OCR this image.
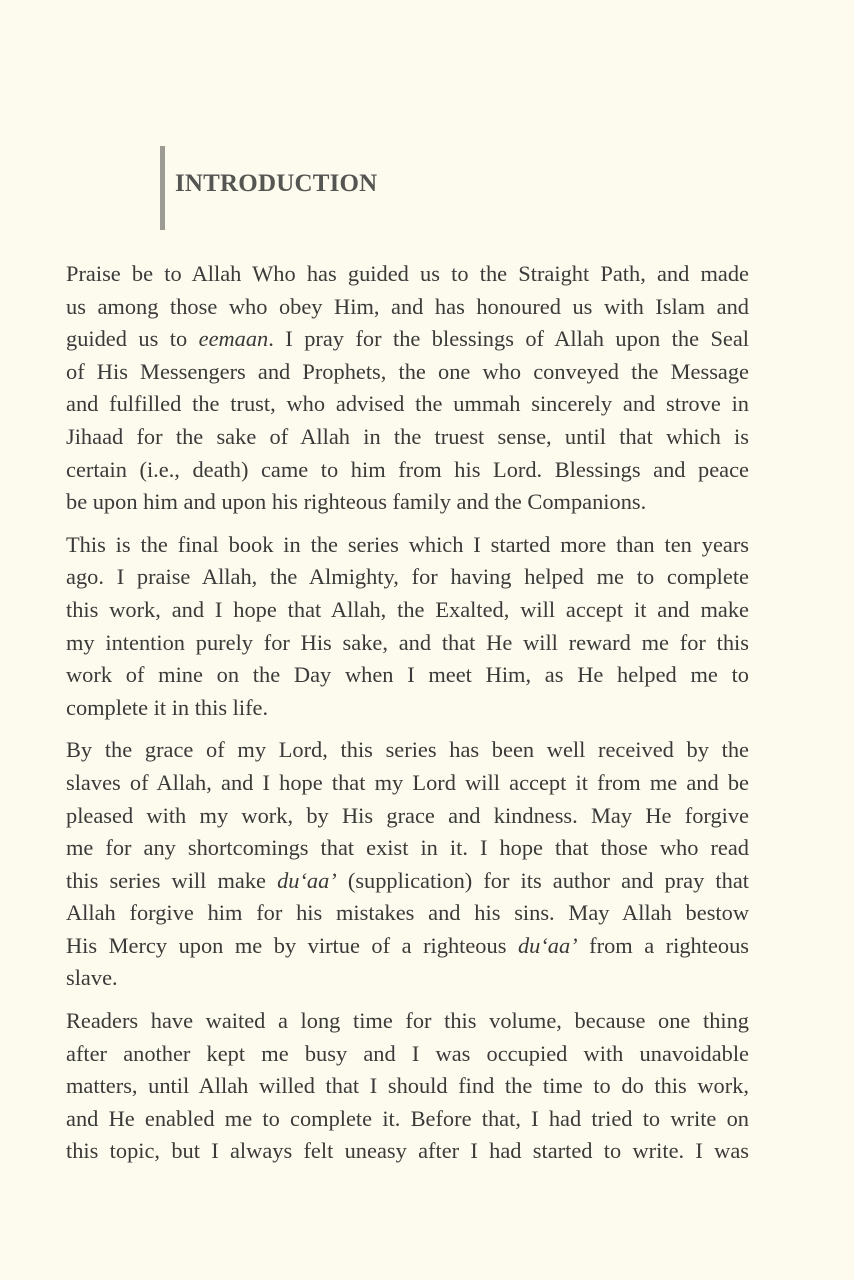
INTRODUCTION
Praise be to Allah Who has guided us to the Straight Path, and made
us among those who obey Him, and has honoured us with Islam and
guided us to eemaan. I pray for the blessings of Allah upon the Seal
of His Messengers and Prophets, the one who conveyed the Message
and fulfilled the trust, who advised the ummah sincerely and strove in
Jihaad for the sake of Allah in the truest sense, until that which is
certain (i.e., death) came to him from his Lord. Blessings and peace
be upon him and upon his righteous family and the Companions.
This is the final book in the series which I started more than ten years
ago. I praise Allah, the Almighty, for having helped me to complete
this work, and I hope that Allah, the Exalted, will accept it and make
my intention purely for His sake, and that He will reward me for this
work of mine on the Day when I meet Him, as He helped me to
complete it in this life.
By the grace of my Lord, this series has been well received by the
slaves of Allah, and I hope that my Lord will accept it from me and be
pleased with my work, by His grace and kindness. May He forgive
me for any shortcomings that exist in it. I hope that those who read
this series will make du‘aa’ (supplication) for its author and pray that
Allah forgive him for his mistakes and his sins. May Allah bestow
His Mercy upon me by virtue of a righteous du‘aa’ from a righteous
slave.
Readers have waited a long time for this volume, because one thing
after another kept me busy and I was occupied with unavoidable
matters, until Allah willed that I should find the time to do this work,
and He enabled me to complete it. Before that, I had tried to write on
this topic, but I always felt uneasy after I had started to write. I was
